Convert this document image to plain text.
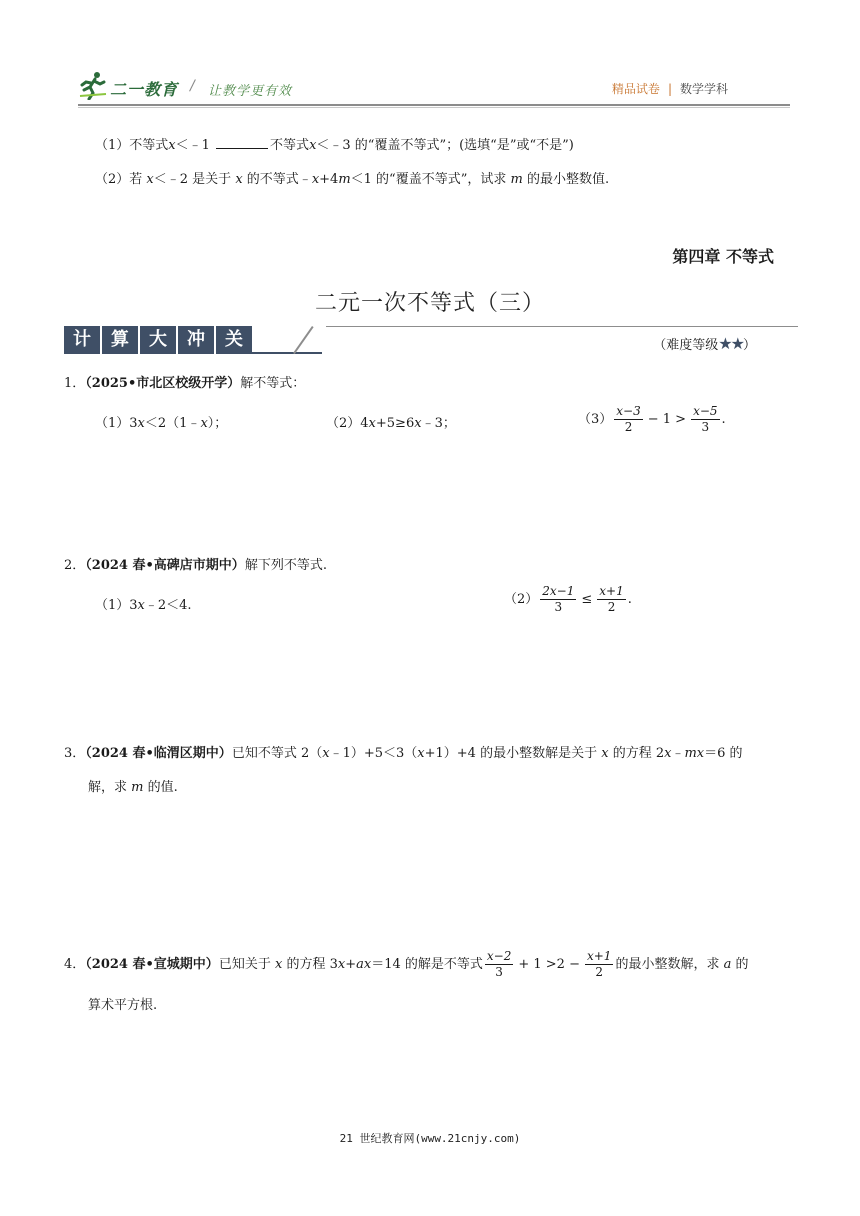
二一教育 / 让教学更有效	精品试卷 | 数学学科
（1）不等式x＜﹣1	不等式x＜﹣3 的“覆盖不等式”；(选填“是”或“不是”)
（2）若 x＜﹣2 是关于 x 的不等式﹣x+4m＜1 的“覆盖不等式”，试求 m 的最小整数值.
第四章 不等式
二元一次不等式（三）
计	算	大	冲	关	（难度等级★★）
1．（2025•市北区校级开学）解不等式：
（1）3x＜2（1﹣x）；	（2）4x+5≥6x﹣3；	$(3) \frac{x-3}{2} - 1 > \frac{x-5}{3}$ .
2．（2024 春•高碑店市期中）解下列不等式.
（1）3x﹣2＜4.	$(2) \frac{2x-1}{3} \le \frac{x+1}{2}$ .
3．（2024 春•临渭区期中）已知不等式 2（x﹣1）+5＜3（x+1）+4 的最小整数解是关于 x 的方程 2x﹣mx＝6 的
解，求 m 的值.
4．（2024 春•宣城期中）已知关于 x 的方程 3x+ax＝14 的解是不等式 $\frac{x-2}{3} + 1 >2 - \frac{x+1}{2}$ 的最小整数解，求 a 的
算术平方根.
21 世纪教育网(www.21cnjy.com)
